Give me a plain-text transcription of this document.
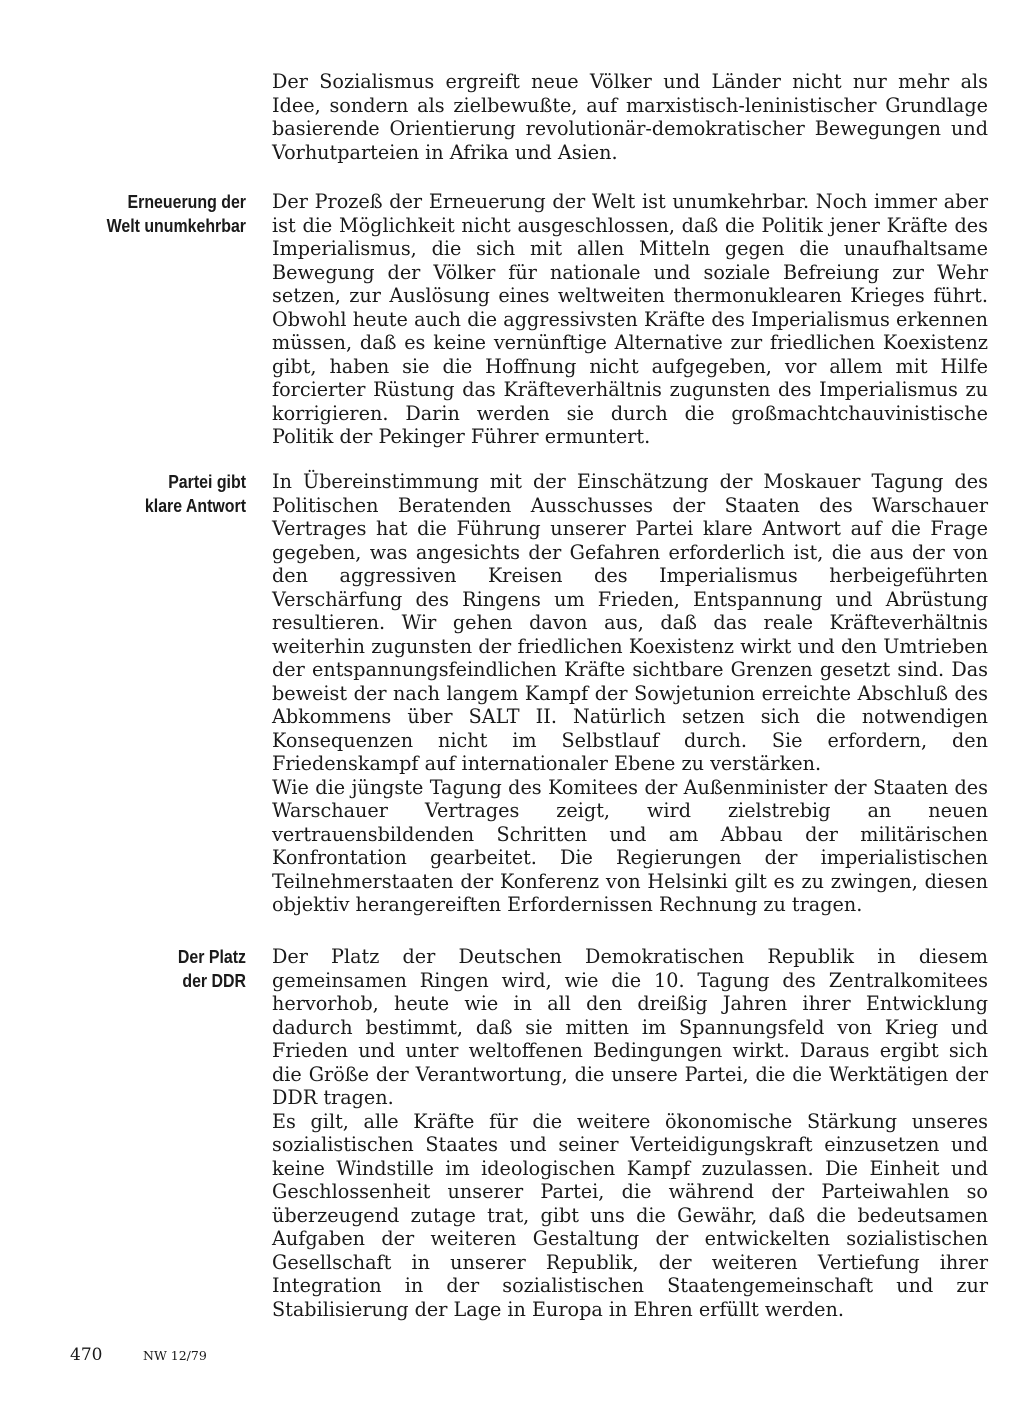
Der Sozialismus ergreift neue Völker und Länder nicht nur mehr als Idee, sondern als zielbewußte, auf marxistisch-leninistischer Grundlage basierende Orientierung revolutionär-demokratischer Bewegungen und Vorhutparteien in Afrika und Asien.

Erneuerung der
Welt unumkehrbar

Der Prozeß der Erneuerung der Welt ist unumkehrbar. Noch immer aber ist die Möglichkeit nicht ausgeschlossen, daß die Politik jener Kräfte des Imperialismus, die sich mit allen Mitteln gegen die unaufhaltsame Bewegung der Völker für nationale und soziale Befreiung zur Wehr setzen, zur Auslösung eines weltweiten thermonuklearen Krieges führt. Obwohl heute auch die aggressivsten Kräfte des Imperialismus erkennen müssen, daß es keine vernünftige Alternative zur friedlichen Koexistenz gibt, haben sie die Hoffnung nicht aufgegeben, vor allem mit Hilfe forcierter Rüstung das Kräfteverhältnis zugunsten des Imperialismus zu korrigieren. Darin werden sie durch die großmachtchauvinistische Politik der Pekinger Führer ermuntert.

Partei gibt
klare Antwort

In Übereinstimmung mit der Einschätzung der Moskauer Tagung des Politischen Beratenden Ausschusses der Staaten des Warschauer Vertrages hat die Führung unserer Partei klare Antwort auf die Frage gegeben, was angesichts der Gefahren erforderlich ist, die aus der von den aggressiven Kreisen des Imperialismus herbeigeführten Verschärfung des Ringens um Frieden, Entspannung und Abrüstung resultieren. Wir gehen davon aus, daß das reale Kräfteverhältnis weiterhin zugunsten der friedlichen Koexistenz wirkt und den Umtrieben der entspannungsfeindlichen Kräfte sichtbare Grenzen gesetzt sind. Das beweist der nach langem Kampf der Sowjetunion erreichte Abschluß des Abkommens über SALT II. Natürlich setzen sich die notwendigen Konsequenzen nicht im Selbstlauf durch. Sie erfordern, den Friedenskampf auf internationaler Ebene zu verstärken.

Wie die jüngste Tagung des Komitees der Außenminister der Staaten des Warschauer Vertrages zeigt, wird zielstrebig an neuen vertrauensbildenden Schritten und am Abbau der militärischen Konfrontation gearbeitet. Die Regierungen der imperialistischen Teilnehmerstaaten der Konferenz von Helsinki gilt es zu zwingen, diesen objektiv herangereiften Erfordernissen Rechnung zu tragen.

Der Platz
der DDR

Der Platz der Deutschen Demokratischen Republik in diesem gemeinsamen Ringen wird, wie die 10. Tagung des Zentralkomitees hervorhob, heute wie in all den dreißig Jahren ihrer Entwicklung dadurch bestimmt, daß sie mitten im Spannungsfeld von Krieg und Frieden und unter weltoffenen Bedingungen wirkt. Daraus ergibt sich die Größe der Verantwortung, die unsere Partei, die die Werktätigen der DDR tragen.

Es gilt, alle Kräfte für die weitere ökonomische Stärkung unseres sozialistischen Staates und seiner Verteidigungskraft einzusetzen und keine Windstille im ideologischen Kampf zuzulassen. Die Einheit und Geschlossenheit unserer Partei, die während der Parteiwahlen so überzeugend zutage trat, gibt uns die Gewähr, daß die bedeutsamen Aufgaben der weiteren Gestaltung der entwickelten sozialistischen Gesellschaft in unserer Republik, der weiteren Vertiefung ihrer Integration in der sozialistischen Staatengemeinschaft und zur Stabilisierung der Lage in Europa in Ehren erfüllt werden.

470	NW 12/79
